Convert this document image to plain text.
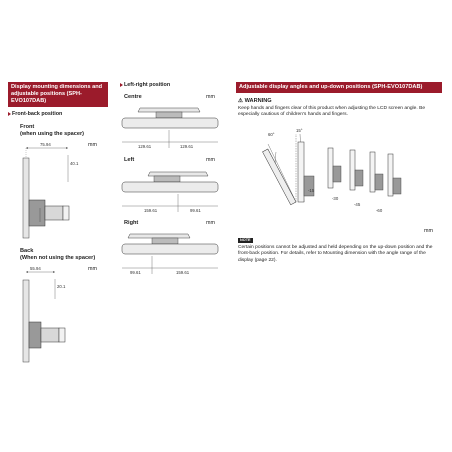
Display mounting dimensions and adjustable positions (SPH-EVO107DAB)
Front-back position
Front
(when using the spacer)
mm
75.94
40.1
Back
(When not using the spacer)
mm
55.94
20.1
Left-right position
Centre	mm
129.61	129.61
Left	mm
159.61	99.61
Right	mm
99.61	159.61
Adjustable display angles and up-down positions (SPH-EVO107DAB)
⚠ WARNING
Keep hands and fingers clear of this product when adjusting the LCD screen angle. Be especially cautious of children's hands and fingers.
60°
15°
-15
-30
-45
-60
mm
NOTE
Certain positions cannot be adjusted and held depending on the up-down position and the front-back position. For details, refer to Mounting dimension with the angle range of the display (page 22).
